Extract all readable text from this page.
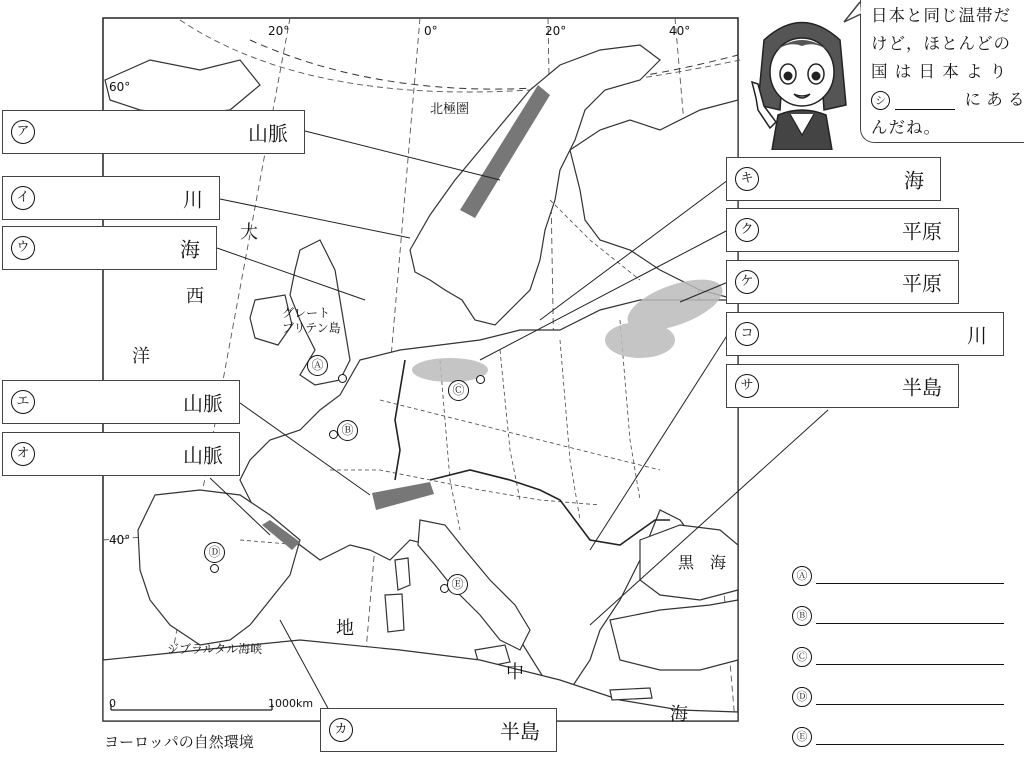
20°	0°	20°	40°
60°
40°
北極圏
グレート
ブリテン島
ジブラルタル海峡
大
西
洋
地
中
海
黒　海
Ⓐ
Ⓑ
Ⓒ
Ⓓ
Ⓔ
0	1000km
ア	山脈
イ	川
ウ	海
エ	山脈
オ	山脈
カ	半島
キ	海
ク	平原
ケ	平原
コ	川
サ	半島
日本と同じ温帯だ
けど，ほとんどの
国 は 日 本 よ り
シ	に あ る
んだね。
Ⓐ
Ⓑ
Ⓒ
Ⓓ
Ⓔ
ヨーロッパの自然環境
